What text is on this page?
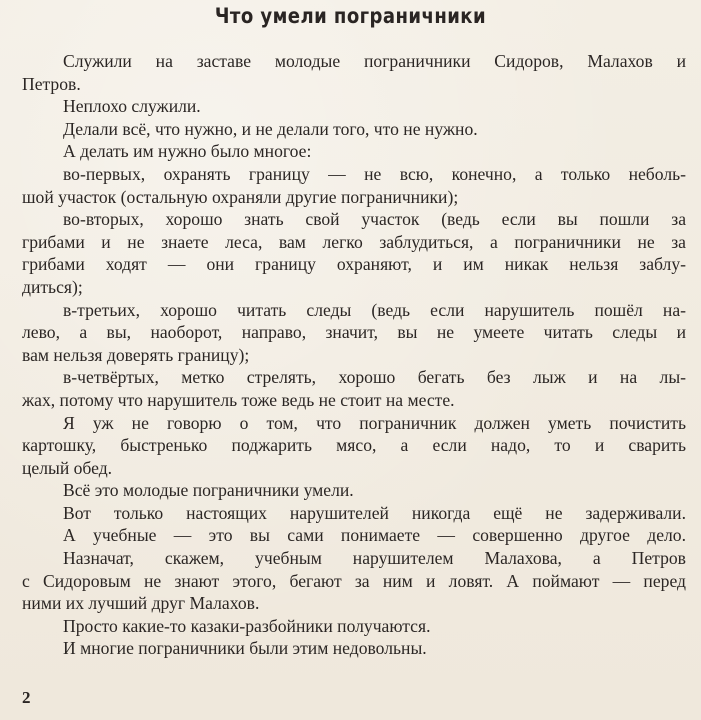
Что умели пограничники
Служили на заставе молодые пограничники Сидоров, Малахов и
Петров.
Неплохо служили.
Делали всё, что нужно, и не делали того, что не нужно.
А делать им нужно было многое:
во-первых, охранять границу — не всю, конечно, а только неболь-
шой участок (остальную охраняли другие пограничники);
во-вторых, хорошо знать свой участок (ведь если вы пошли за
грибами и не знаете леса, вам легко заблудиться, а пограничники не за
грибами ходят — они границу охраняют, и им никак нельзя заблу-
диться);
в-третьих, хорошо читать следы (ведь если нарушитель пошёл на-
лево, а вы, наоборот, направо, значит, вы не умеете читать следы и
вам нельзя доверять границу);
в-четвёртых, метко стрелять, хорошо бегать без лыж и на лы-
жах, потому что нарушитель тоже ведь не стоит на месте.
Я уж не говорю о том, что пограничник должен уметь почистить
картошку, быстренько поджарить мясо, а если надо, то и сварить
целый обед.
Всё это молодые пограничники умели.
Вот только настоящих нарушителей никогда ещё не задерживали.
А учебные — это вы сами понимаете — совершенно другое дело.
Назначат, скажем, учебным нарушителем Малахова, а Петров
с Сидоровым не знают этого, бегают за ним и ловят. А поймают — перед
ними их лучший друг Малахов.
Просто какие-то казаки-разбойники получаются.
И многие пограничники были этим недовольны.
2
